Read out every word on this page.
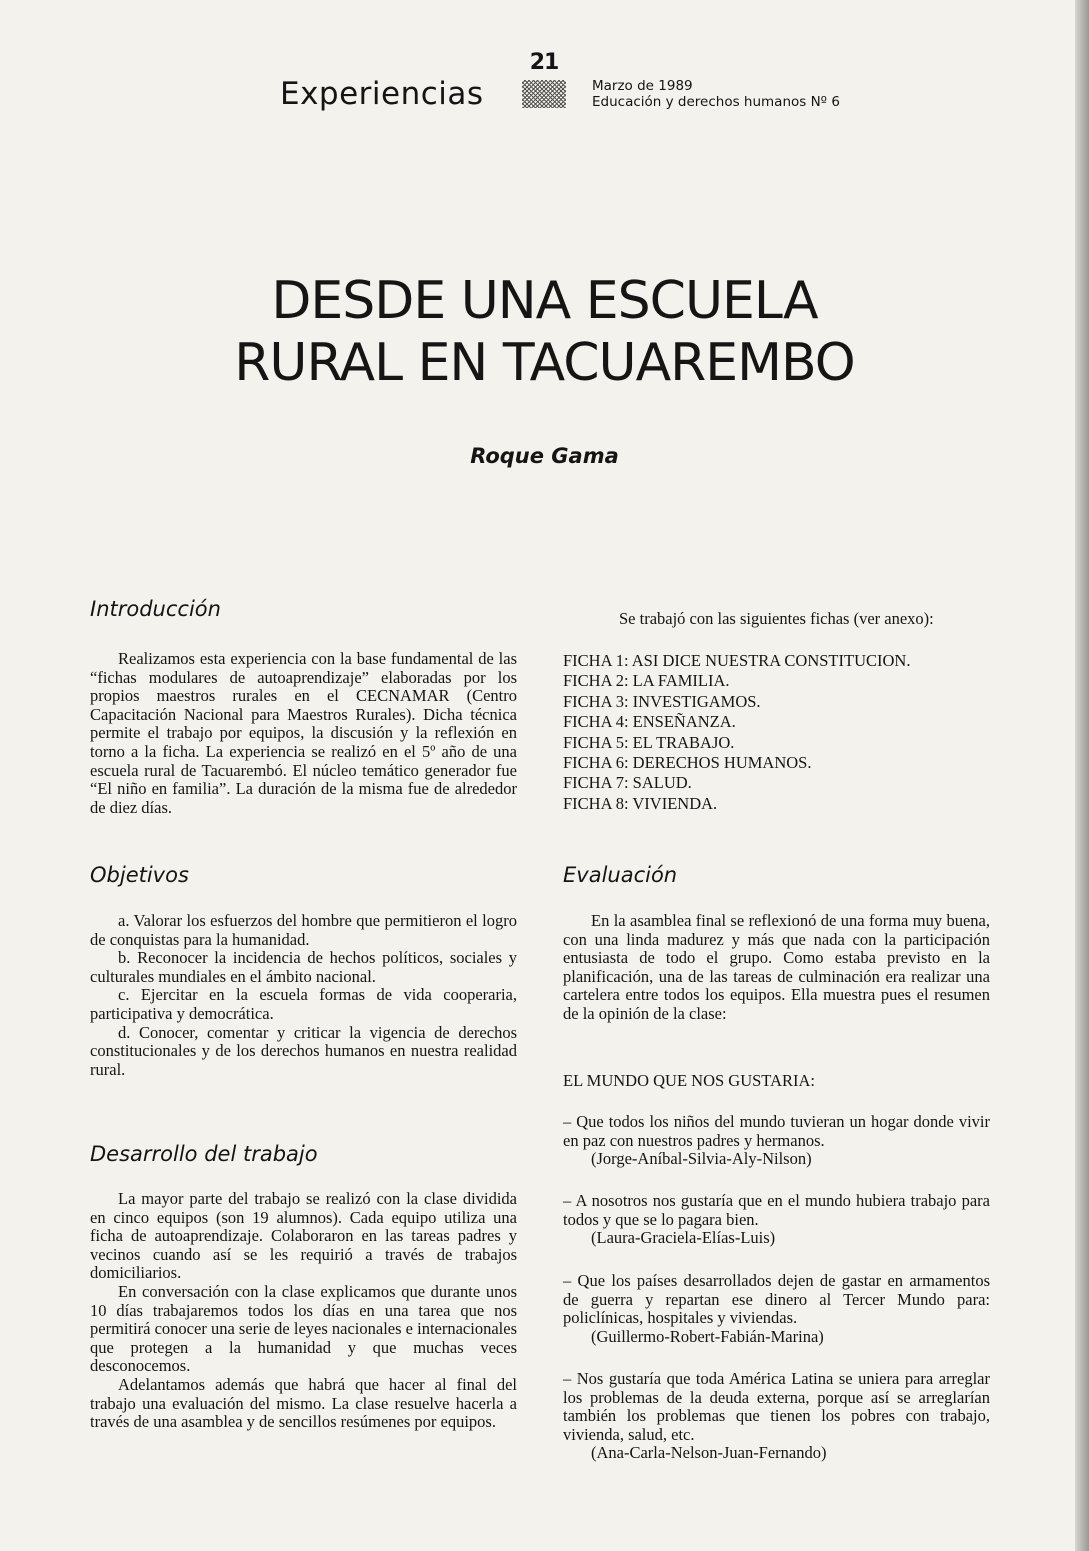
21
Experiencias	Marzo de 1989
Educación y derechos humanos Nº 6
DESDE UNA ESCUELA
RURAL EN TACUAREMBO
Roque Gama
Introducción

Realizamos esta experiencia con la base fundamental de las “fichas modulares de autoaprendizaje” elaboradas por los propios maestros rurales en el CECNAMAR (Centro Capacitación Nacional para Maestros Rurales). Dicha técnica permite el trabajo por equipos, la discusión y la reflexión en torno a la ficha. La experiencia se realizó en el 5º año de una escuela rural de Tacuarembó. El núcleo temático generador fue “El niño en familia”. La duración de la misma fue de alrededor de diez días.

Objetivos

a. Valorar los esfuerzos del hombre que permitieron el logro de conquistas para la humanidad.

b. Reconocer la incidencia de hechos políticos, sociales y culturales mundiales en el ámbito nacional.

c. Ejercitar en la escuela formas de vida cooperaria, participativa y democrática.

d. Conocer, comentar y criticar la vigencia de derechos constitucionales y de los derechos humanos en nuestra realidad rural.

Desarrollo del trabajo

La mayor parte del trabajo se realizó con la clase dividida en cinco equipos (son 19 alumnos). Cada equipo utiliza una ficha de autoaprendizaje. Colaboraron en las tareas padres y vecinos cuando así se les requirió a través de trabajos domiciliarios.

En conversación con la clase explicamos que durante unos 10 días trabajaremos todos los días en una tarea que nos permitirá conocer una serie de leyes nacionales e internacionales que protegen a la humanidad y que muchas veces desconocemos.

Adelantamos además que habrá que hacer al final del trabajo una evaluación del mismo. La clase resuelve hacerla a través de una asamblea y de sencillos resúmenes por equipos.

Se trabajó con las siguientes fichas (ver anexo):
FICHA 1: ASI DICE NUESTRA CONSTITUCION.
FICHA 2: LA FAMILIA.
FICHA 3: INVESTIGAMOS.
FICHA 4: ENSEÑANZA.
FICHA 5: EL TRABAJO.
FICHA 6: DERECHOS HUMANOS.
FICHA 7: SALUD.
FICHA 8: VIVIENDA.
Evaluación

En la asamblea final se reflexionó de una forma muy buena, con una linda madurez y más que nada con la participación entusiasta de todo el grupo. Como estaba previsto en la planificación, una de las tareas de culminación era realizar una cartelera entre todos los equipos. Ella muestra pues el resumen de la opinión de la clase:

EL MUNDO QUE NOS GUSTARIA:

– Que todos los niños del mundo tuvieran un hogar donde vivir en paz con nuestros padres y hermanos.

(Jorge-Aníbal-Silvia-Aly-Nilson)

– A nosotros nos gustaría que en el mundo hubiera trabajo para todos y que se lo pagara bien.

(Laura-Graciela-Elías-Luis)

– Que los países desarrollados dejen de gastar en armamentos de guerra y repartan ese dinero al Tercer Mundo para: policlínicas, hospitales y viviendas.

(Guillermo-Robert-Fabián-Marina)

– Nos gustaría que toda América Latina se uniera para arreglar los problemas de la deuda externa, porque así se arreglarían también los problemas que tienen los pobres con trabajo, vivienda, salud, etc.

(Ana-Carla-Nelson-Juan-Fernando)
